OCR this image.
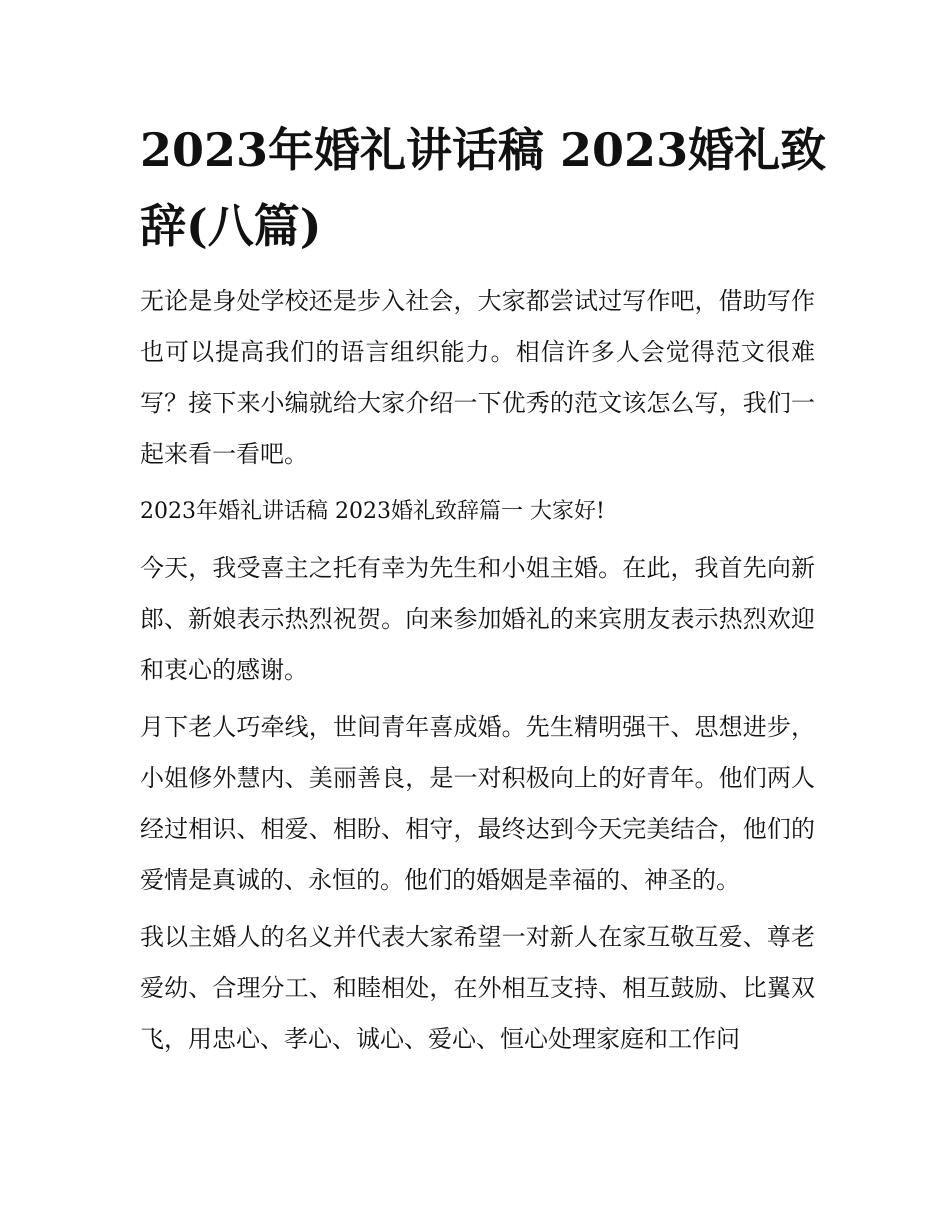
2023年婚礼讲话稿 2023婚礼致辞(八篇)

无论是身处学校还是步入社会，大家都尝试过写作吧，借助写作也可以提高我们的语言组织能力。相信许多人会觉得范文很难写？接下来小编就给大家介绍一下优秀的范文该怎么写，我们一起来看一看吧。

2023年婚礼讲话稿 2023婚礼致辞篇一 大家好!

今天，我受喜主之托有幸为先生和小姐主婚。在此，我首先向新郎、新娘表示热烈祝贺。向来参加婚礼的来宾朋友表示热烈欢迎和衷心的感谢。

月下老人巧牵线，世间青年喜成婚。先生精明强干、思想进步，小姐修外慧内、美丽善良，是一对积极向上的好青年。他们两人经过相识、相爱、相盼、相守，最终达到今天完美结合，他们的爱情是真诚的、永恒的。他们的婚姻是幸福的、神圣的。

我以主婚人的名义并代表大家希望一对新人在家互敬互爱、尊老爱幼、合理分工、和睦相处，在外相互支持、相互鼓励、比翼双飞，用忠心、孝心、诚心、爱心、恒心处理家庭和工作问
